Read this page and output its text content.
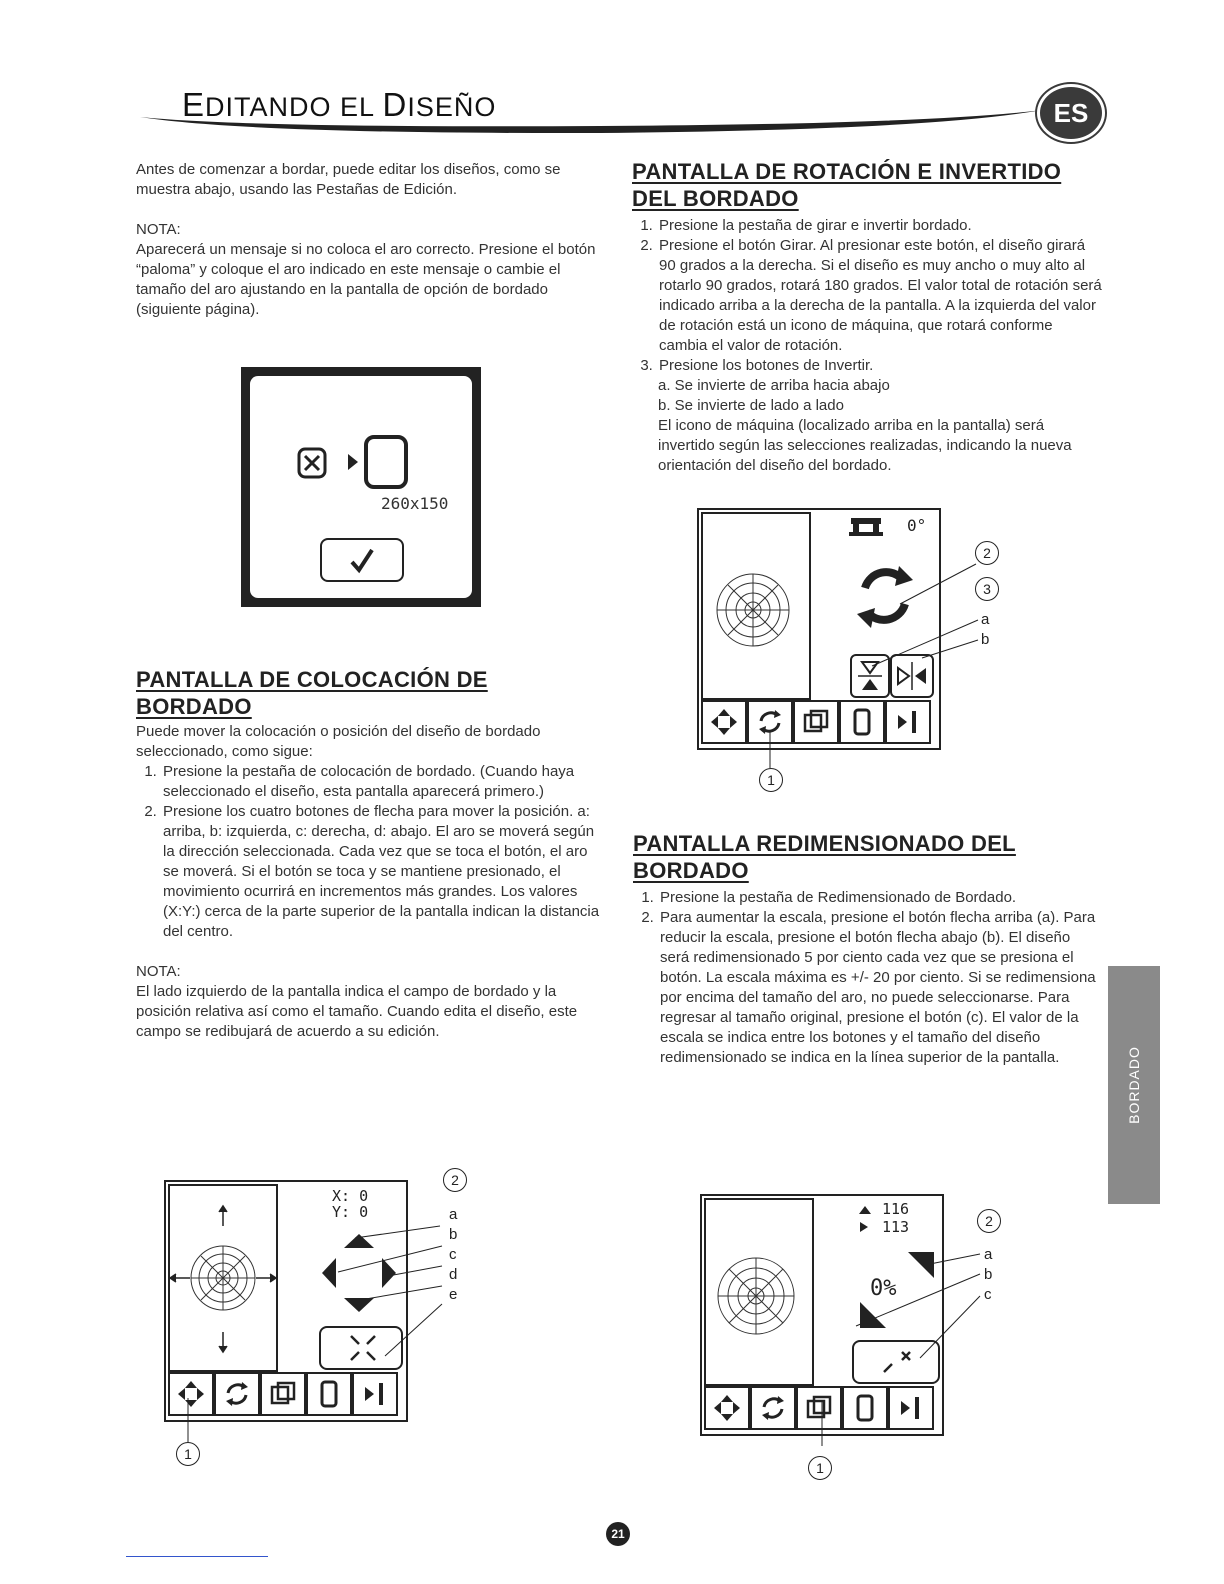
EDITANDO EL DISEÑO	ES

Antes de comenzar a bordar, puede editar los diseños, como se muestra abajo, usando las Pestañas de Edición.

NOTA:

Aparecerá un mensaje si no coloca el aro correcto. Presione el botón “paloma” y coloque el aro indicado en este mensaje o cambie el tamaño del aro ajustando en la pantalla de opción de bordado (siguiente página).

260x150
PANTALLA DE COLOCACIÓN DE
BORDADO

Puede mover la colocación o posición del diseño de bordado seleccionado, como sigue:

1. Presione la pestaña de colocación de bordado. (Cuando haya seleccionado el diseño, esta pantalla aparecerá primero.)
2. Presione los cuatro botones de flecha para mover la posición. a: arriba, b: izquierda, c: derecha, d: abajo. El aro se moverá según la dirección seleccionada. Cada vez que se toca el botón, el aro se moverá. Si el botón se toca y se mantiene presionado, el movimiento ocurrirá en incrementos más grandes. Los valores (X:Y:) cerca de la parte superior de la pantalla indican la distancia del centro.

NOTA:

El lado izquierdo de la pantalla indica el campo de bordado y la posición relativa así como el tamaño. Cuando edita el diseño, este campo se redibujará de acuerdo a su edición.

X: 0
Y: 0
2
a
b
c
d
e
1
PANTALLA DE ROTACIÓN E INVERTIDO
DEL BORDADO
1. Presione la pestaña de girar e invertir bordado.
2. Presione el botón Girar. Al presionar este botón, el diseño girará 90 grados a la derecha. Si el diseño es muy ancho o muy alto al rotarlo 90 grados, rotará 180 grados. El valor total de rotación será indicado arriba a la derecha de la pantalla. A la izquierda del valor de rotación está un icono de máquina, que rotará conforme cambia el valor de rotación.
3. Presione los botones de Invertir.
a. Se invierte de arriba hacia abajo
b. Se invierte de lado a lado

El icono de máquina (localizado arriba en la pantalla) será invertido según las selecciones realizadas, indicando la nueva orientación del diseño del bordado.

0°
2
3
a
b
1
PANTALLA REDIMENSIONADO DEL
BORDADO
1. Presione la pestaña de Redimensionado de Bordado.
2. Para aumentar la escala, presione el botón flecha arriba (a). Para reducir la escala, presione el botón flecha abajo (b). El diseño será redimensionado 5 por ciento cada vez que se presiona el botón. La escala máxima es +/- 20 por ciento. Si se redimensiona por encima del tamaño del aro, no puede seleccionarse. Para regresar al tamaño original, presione el botón (c). El valor de la escala se indica entre los botones y el tamaño del diseño redimensionado se indica en la línea superior de la pantalla.
116
113
0%
2
a
b
c
1
BORDADO
21
